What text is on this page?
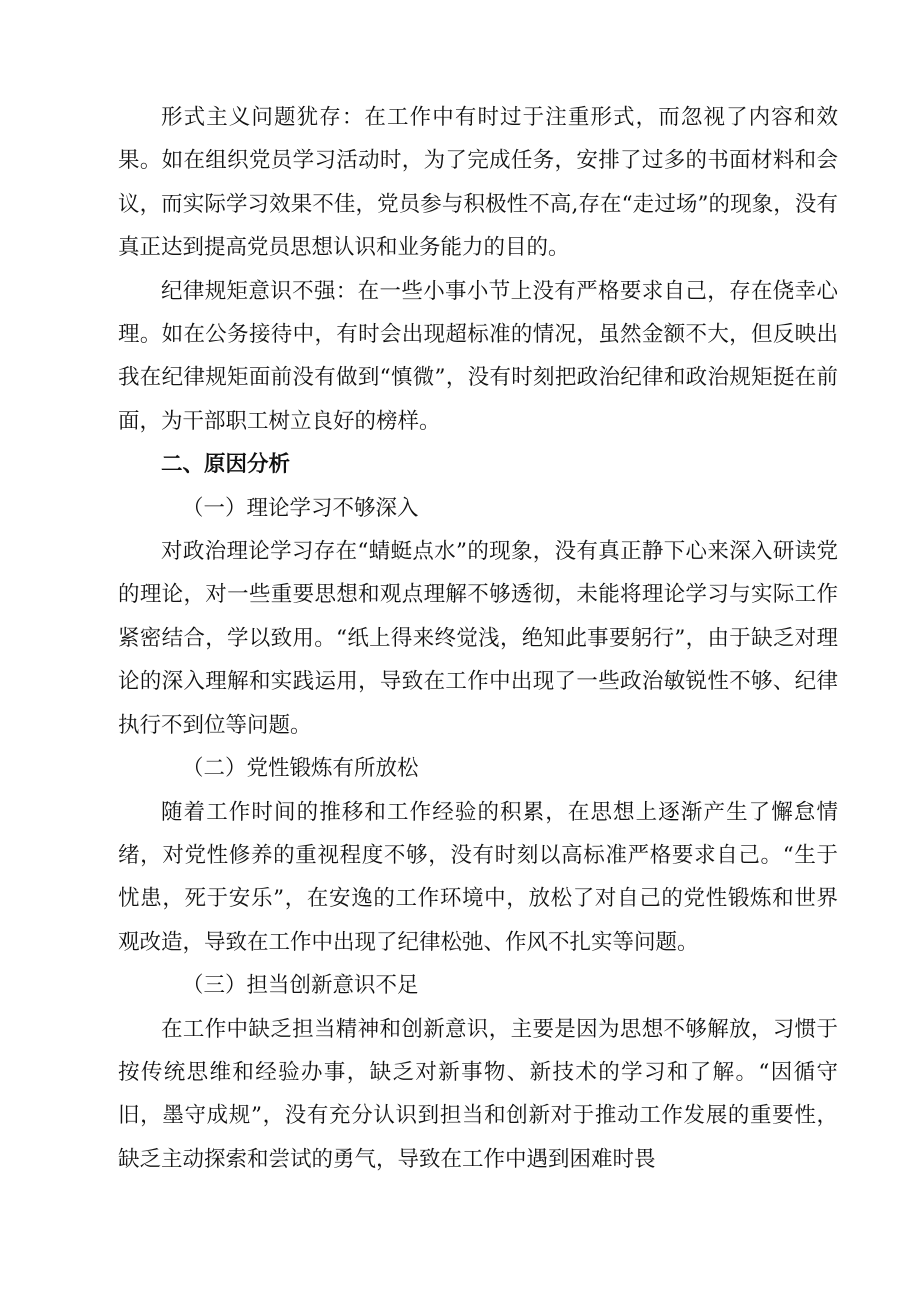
形式主义问题犹存：在工作中有时过于注重形式，而忽视了内容和效果。如在组织党员学习活动时，为了完成任务，安排了过多的书面材料和会议，而实际学习效果不佳，党员参与积极性不高,存在“走过场”的现象，没有真正达到提高党员思想认识和业务能力的目的。

纪律规矩意识不强：在一些小事小节上没有严格要求自己，存在侥幸心理。如在公务接待中，有时会出现超标准的情况，虽然金额不大，但反映出我在纪律规矩面前没有做到“慎微”，没有时刻把政治纪律和政治规矩挺在前面，为干部职工树立良好的榜样。

二、原因分析

（一）理论学习不够深入

对政治理论学习存在“蜻蜓点水”的现象，没有真正静下心来深入研读党的理论，对一些重要思想和观点理解不够透彻，未能将理论学习与实际工作紧密结合，学以致用。“纸上得来终觉浅，绝知此事要躬行”，由于缺乏对理论的深入理解和实践运用，导致在工作中出现了一些政治敏锐性不够、纪律执行不到位等问题。

（二）党性锻炼有所放松

随着工作时间的推移和工作经验的积累，在思想上逐渐产生了懈怠情绪，对党性修养的重视程度不够，没有时刻以高标准严格要求自己。“生于忧患，死于安乐”，在安逸的工作环境中，放松了对自己的党性锻炼和世界观改造，导致在工作中出现了纪律松弛、作风不扎实等问题。

（三）担当创新意识不足

在工作中缺乏担当精神和创新意识，主要是因为思想不够解放，习惯于按传统思维和经验办事，缺乏对新事物、新技术的学习和了解。“因循守旧，墨守成规”，没有充分认识到担当和创新对于推动工作发展的重要性，缺乏主动探索和尝试的勇气，导致在工作中遇到困难时畏
